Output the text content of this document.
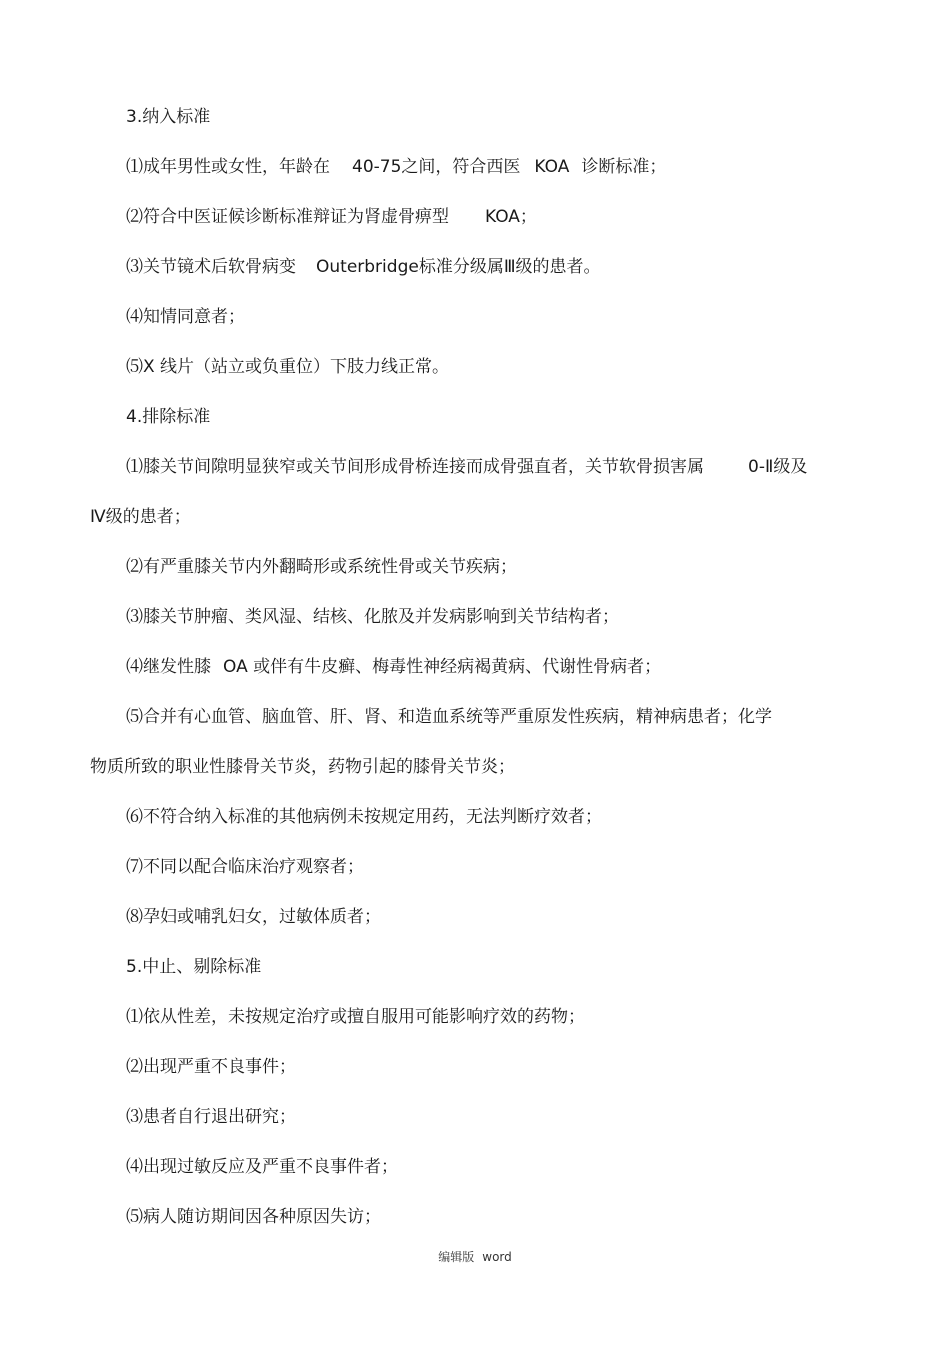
3.纳入标准

⑴成年男性或女性，年龄在 40-75之间，符合西医 KOA 诊断标准；

⑵符合中医证候诊断标准辩证为肾虚骨痹型 KOA；

⑶关节镜术后软骨病变 Outerbridge标准分级属Ⅲ级的患者。

⑷知情同意者；

⑸X 线片（站立或负重位）下肢力线正常。

4.排除标准

⑴膝关节间隙明显狭窄或关节间形成骨桥连接而成骨强直者，关节软骨损害属	0-Ⅱ级及

Ⅳ级的患者；

⑵有严重膝关节内外翻畸形或系统性骨或关节疾病；

⑶膝关节肿瘤、类风湿、结核、化脓及并发病影响到关节结构者；

⑷继发性膝 OA 或伴有牛皮癣、梅毒性神经病褐黄病、代谢性骨病者；

⑸合并有心血管、脑血管、肝、肾、和造血系统等严重原发性疾病，精神病患者；化学

物质所致的职业性膝骨关节炎，药物引起的膝骨关节炎；

⑹不符合纳入标准的其他病例未按规定用药，无法判断疗效者；

⑺不同以配合临床治疗观察者；

⑻孕妇或哺乳妇女，过敏体质者；

5.中止、剔除标准

⑴依从性差，未按规定治疗或擅自服用可能影响疗效的药物；

⑵出现严重不良事件；

⑶患者自行退出研究；

⑷出现过敏反应及严重不良事件者；

⑸病人随访期间因各种原因失访；

编辑版 word
